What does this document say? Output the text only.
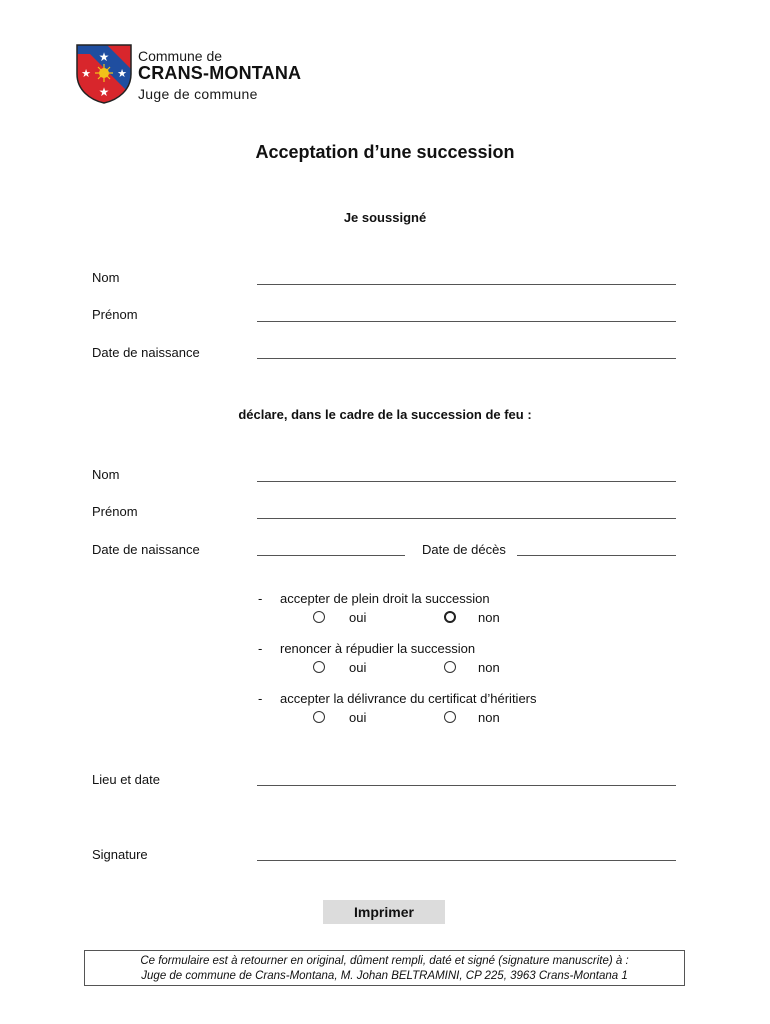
★
★ ★
★
Commune de
CRANS-MONTANA
Juge de commune
Acceptation d’une succession
Je soussigné
Nom
Prénom
Date de naissance
déclare, dans le cadre de la succession de feu :
Nom
Prénom
Date de naissance	Date de décès
- accepter de plein droit la succession
oui	non
- renoncer à répudier la succession
oui	non
- accepter la délivrance du certificat d’héritiers
oui	non
Lieu et date
Signature
Imprimer
Ce formulaire est à retourner en original, dûment rempli, daté et signé (signature manuscrite) à :
Juge de commune de Crans-Montana, M. Johan BELTRAMINI, CP 225, 3963 Crans-Montana 1
